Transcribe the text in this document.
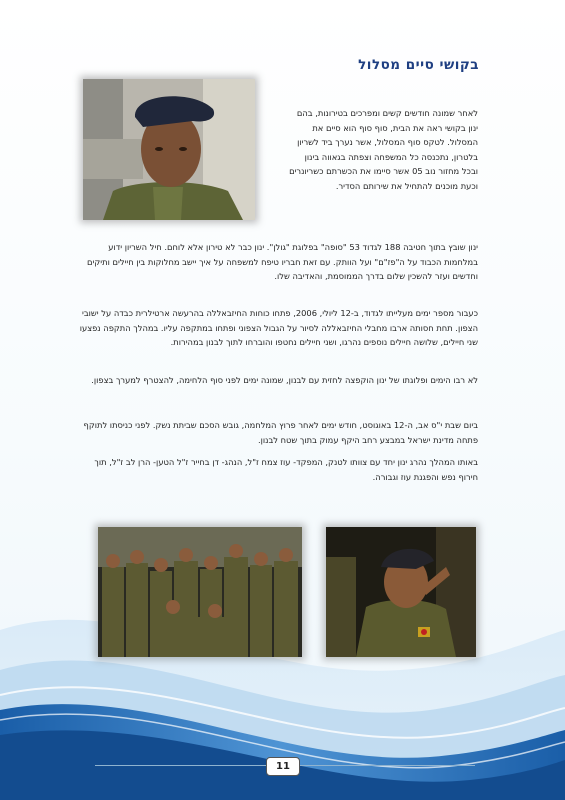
בקושי סיים מסלול
לאחר שמונה חודשים קשים ומפרכים בטירונות, בהם ינון בקושי ראה את הבית, סוף סוף הוא סיים את המסלול. לטקס סוף המסלול, אשר נערך ביד לשריון בלטרון, נתכנסה כל המשפחה וצפתה בגאווה בינון ובכל מחזור נוב 05 אשר סיימו את הכשרתם כשריונרים וכעת מוכנים להתחיל את שירותם הסדיר.
ינון שובץ בתוך חטיבה 188 לגדוד 53 "סופה" בפלוגת "גולן". ינון כבר לא טירון אלא לוחם. חיל השריון ידוע במלחמות הכבוד על ה"פז"ם" ועל הוותק. עם זאת חבריו טיפח למשפחה על איך יישב מחלוקות בין חיילים ותיקים וחדשים ועזר להשכין שלום בדרך הממוסמת, והאדיבה שלו.
כעבור מספר ימים מעלייתו לגדוד, ב-12 ליולי, 2006, פתחו כוחות החיזבאללה בהרעשה ארטילרית כבדה על ישובי הצפון. תחת חסותה ארבו מחבלי החיזבאללה לסיור על הגבול הצפוני ופתחו במתקפה עליו. במהלך התקפה נפצעו שני חיילים, שלושה חיילים נוספים נהרגו, ושני חיילים נחטפו והוברחו לתוך לבנון במהירות.
לא רבו הימים ופלוגתו של ינון הוקפצה לחזית עם לבנון, שמונה ימים לפני סוף הלחימה, להצטרף למערך בצפון.
ביום שבת י"ס אב, ה-12 באוגוסט, חודש ימים לאחר פרוץ המלחמה, גובש הסכם שביתת נשק. לפני כניסתו לתוקף פתחה מדינת ישראל במבצע רחב היקף עמוק בתוך שטח לבנון.
באותו המהלך נהרג ינון יחד עם צוותו לטנק, המפקד- עוז צמח ז"ל, הנהג- דן בחייר ז"ל הטען- הרן לב ז"ל, תוך חירוף נפש והפגנת עוז וגבורה.
11
